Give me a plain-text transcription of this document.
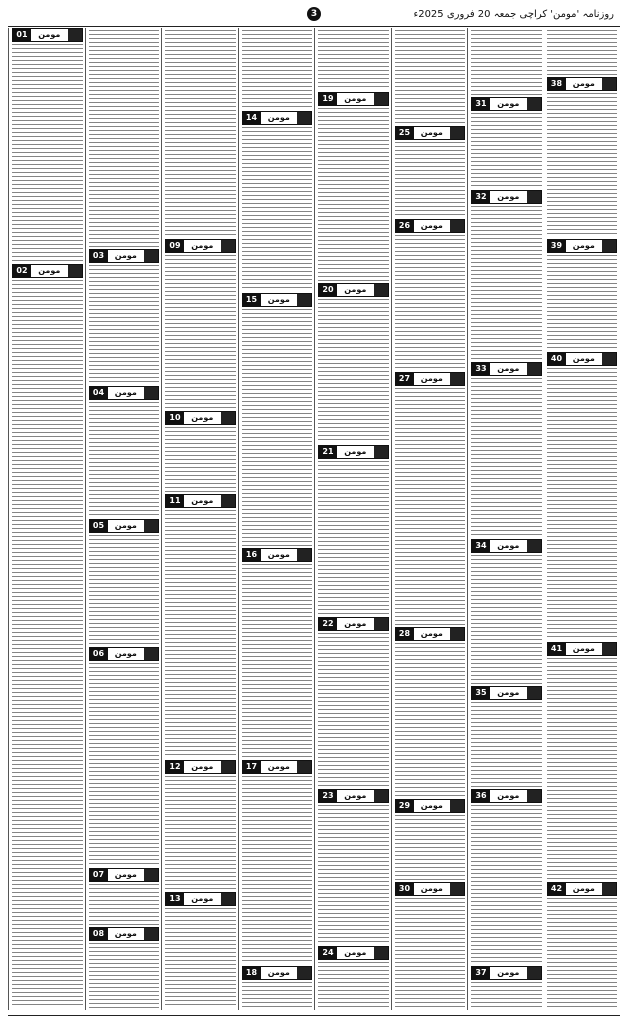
روزنامہ 'مومن' کراچی جمعہ 20 فروری 2025ء
3
38	مومن
39	مومن
40	مومن
41	مومن
42	مومن
31	مومن
32	مومن
33	مومن
34	مومن
35	مومن
36	مومن
37	مومن
25	مومن
26	مومن
27	مومن
28	مومن
29	مومن
30	مومن
19	مومن
20	مومن
21	مومن
22	مومن
23	مومن
24	مومن
14	مومن
15	مومن
16	مومن
17	مومن
18	مومن
09	مومن
10	مومن
11	مومن
12	مومن
13	مومن
03	مومن
04	مومن
05	مومن
06	مومن
07	مومن
08	مومن
01	مومن
02	مومن
